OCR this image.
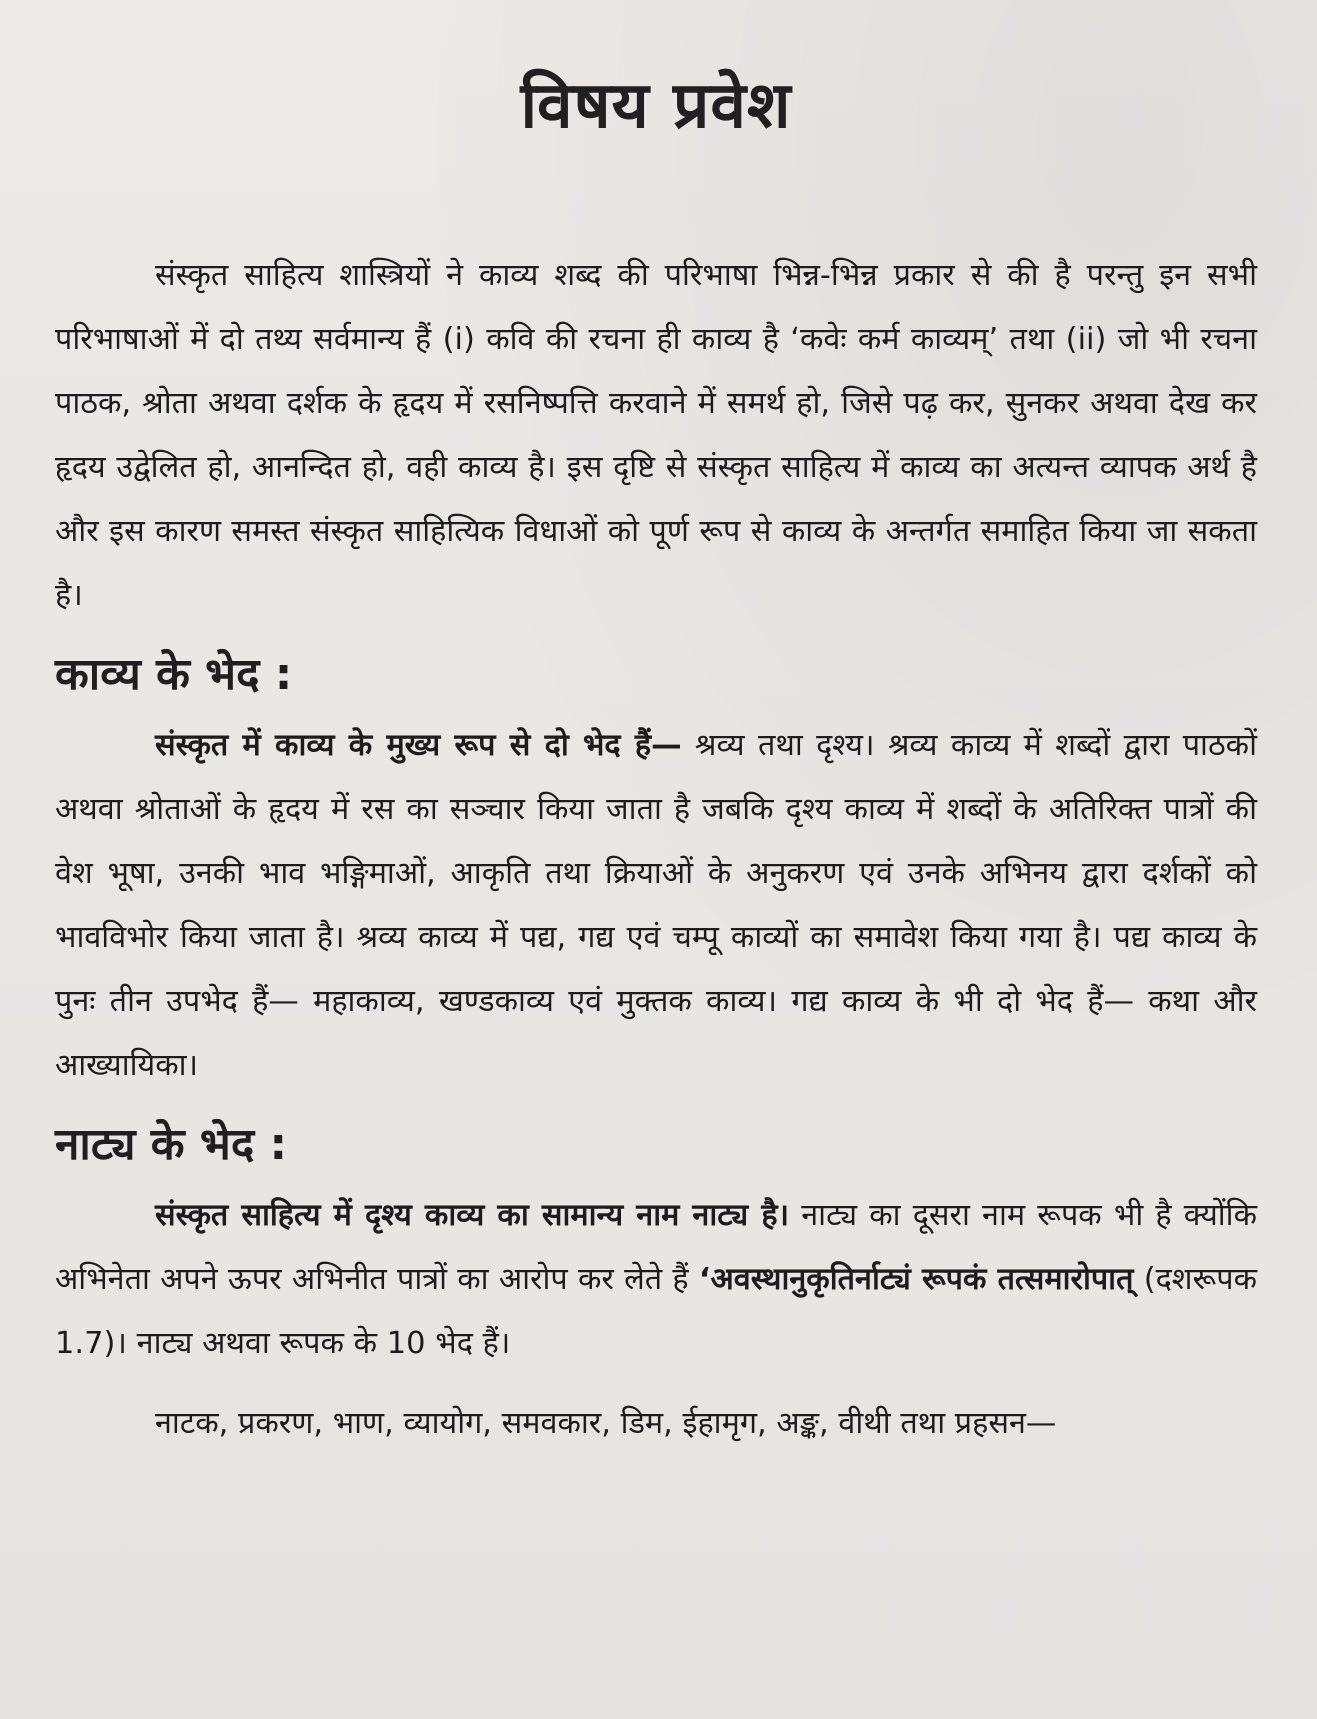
विषय प्रवेश

संस्कृत साहित्य शास्त्रियों ने काव्य शब्द की परिभाषा भिन्न-भिन्न प्रकार से की है परन्तु इन सभी परिभाषाओं में दो तथ्य सर्वमान्य हैं (i) कवि की रचना ही काव्य है ‘कवेः कर्म काव्यम्’ तथा (ii) जो भी रचना पाठक, श्रोता अथवा दर्शक के हृदय में रसनिष्पत्ति करवाने में समर्थ हो, जिसे पढ़ कर, सुनकर अथवा देख कर हृदय उद्वेलित हो, आनन्दित हो, वही काव्य है। इस दृष्टि से संस्कृत साहित्य में काव्य का अत्यन्त व्यापक अर्थ है और इस कारण समस्त संस्कृत साहित्यिक विधाओं को पूर्ण रूप से काव्य के अन्तर्गत समाहित किया जा सकता है।

काव्य के भेद :

संस्कृत में काव्य के मुख्य रूप से दो भेद हैं— श्रव्य तथा दृश्य। श्रव्य काव्य में शब्दों द्वारा पाठकों अथवा श्रोताओं के हृदय में रस का सञ्चार किया जाता है जबकि दृश्य काव्य में शब्दों के अतिरिक्त पात्रों की वेश भूषा, उनकी भाव भङ्गिमाओं, आकृति तथा क्रियाओं के अनुकरण एवं उनके अभिनय द्वारा दर्शकों को भावविभोर किया जाता है। श्रव्य काव्य में पद्य, गद्य एवं चम्पू काव्यों का समावेश किया गया है। पद्य काव्य के पुनः तीन उपभेद हैं— महाकाव्य, खण्डकाव्य एवं मुक्तक काव्य। गद्य काव्य के भी दो भेद हैं— कथा और आख्यायिका।

नाट्य के भेद :

संस्कृत साहित्य में दृश्य काव्य का सामान्य नाम नाट्य है। नाट्य का दूसरा नाम रूपक भी है क्योंकि अभिनेता अपने ऊपर अभिनीत पात्रों का आरोप कर लेते हैं ‘अवस्थानुकृतिर्नाट्यं रूपकं तत्समारोपात् (दशरूपक 1.7)। नाट्य अथवा रूपक के 10 भेद हैं।

नाटक, प्रकरण, भाण, व्यायोग, समवकार, डिम, ईहामृग, अङ्क, वीथी तथा प्रहसन—
